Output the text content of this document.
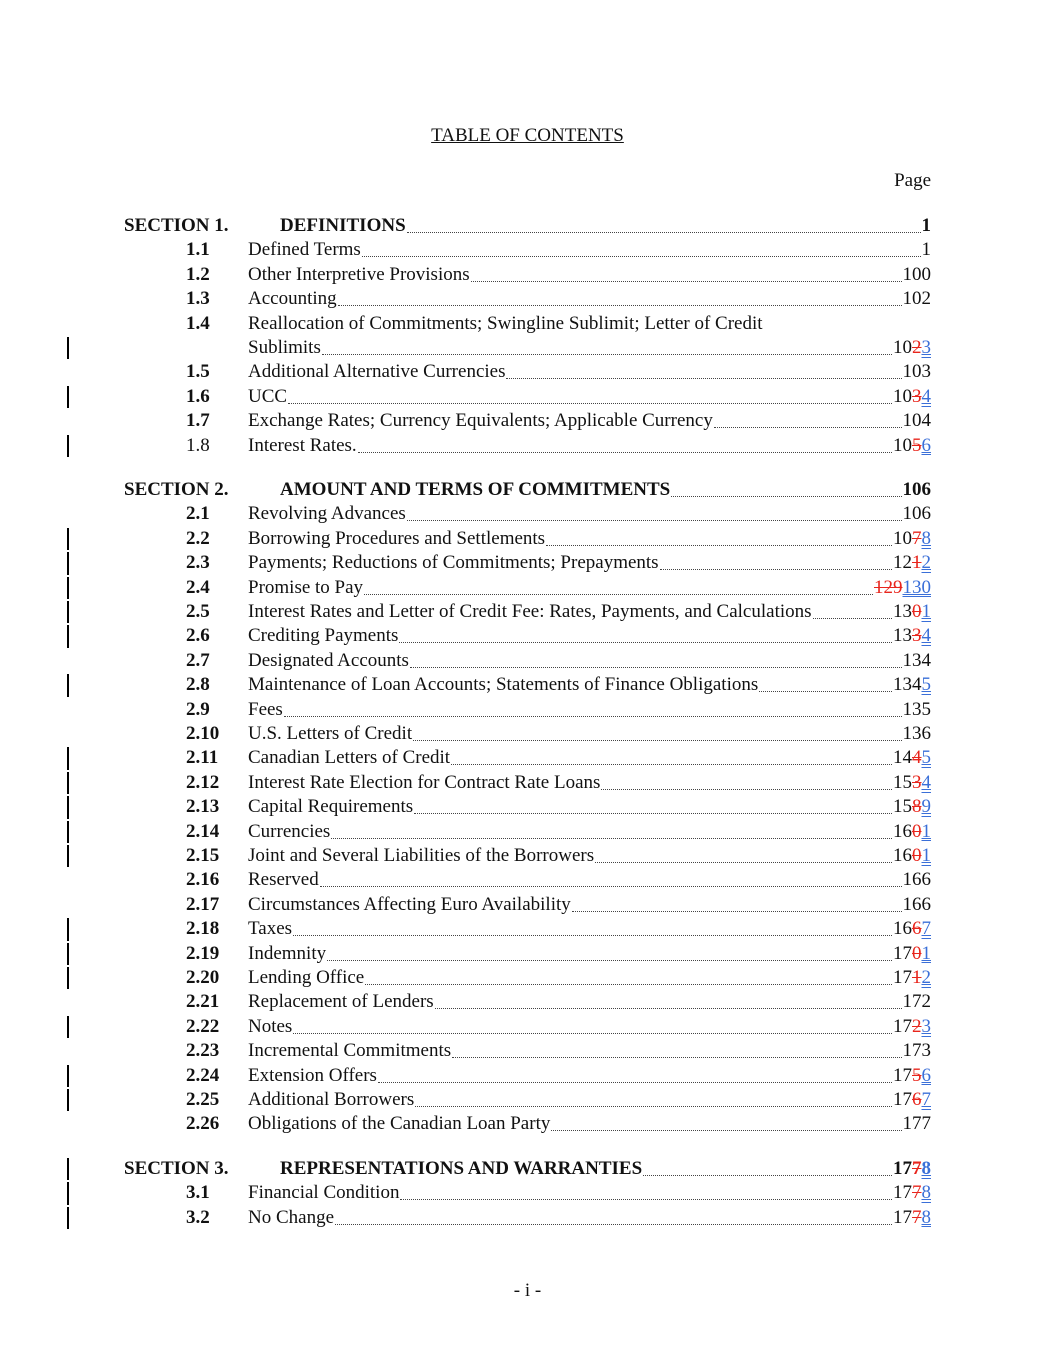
TABLE OF CONTENTS
Page
SECTION 1.	DEFINITIONS	1
1.1	Defined Terms	1
1.2	Other Interpretive Provisions	100
1.3	Accounting	102
1.4	Reallocation of Commitments; Swingline Sublimit; Letter of Credit
Sublimits	1023
1.5	Additional Alternative Currencies	103
1.6	UCC	1034
1.7	Exchange Rates; Currency Equivalents; Applicable Currency	104
1.8	Interest Rates.	1056
SECTION 2.	AMOUNT AND TERMS OF COMMITMENTS	106
2.1	Revolving Advances	106
2.2	Borrowing Procedures and Settlements	1078
2.3	Payments; Reductions of Commitments; Prepayments	1212
2.4	Promise to Pay	129130
2.5	Interest Rates and Letter of Credit Fee: Rates, Payments, and Calculations	1301
2.6	Crediting Payments	1334
2.7	Designated Accounts	134
2.8	Maintenance of Loan Accounts; Statements of Finance Obligations	1345
2.9	Fees	135
2.10	U.S. Letters of Credit	136
2.11	Canadian Letters of Credit	1445
2.12	Interest Rate Election for Contract Rate Loans	1534
2.13	Capital Requirements	1589
2.14	Currencies	1601
2.15	Joint and Several Liabilities of the Borrowers	1601
2.16	Reserved	166
2.17	Circumstances Affecting Euro Availability	166
2.18	Taxes	1667
2.19	Indemnity	1701
2.20	Lending Office	1712
2.21	Replacement of Lenders	172
2.22	Notes	1723
2.23	Incremental Commitments	173
2.24	Extension Offers	1756
2.25	Additional Borrowers	1767
2.26	Obligations of the Canadian Loan Party	177
SECTION 3.	REPRESENTATIONS AND WARRANTIES	1778
3.1	Financial Condition	1778
3.2	No Change	1778
- i -
